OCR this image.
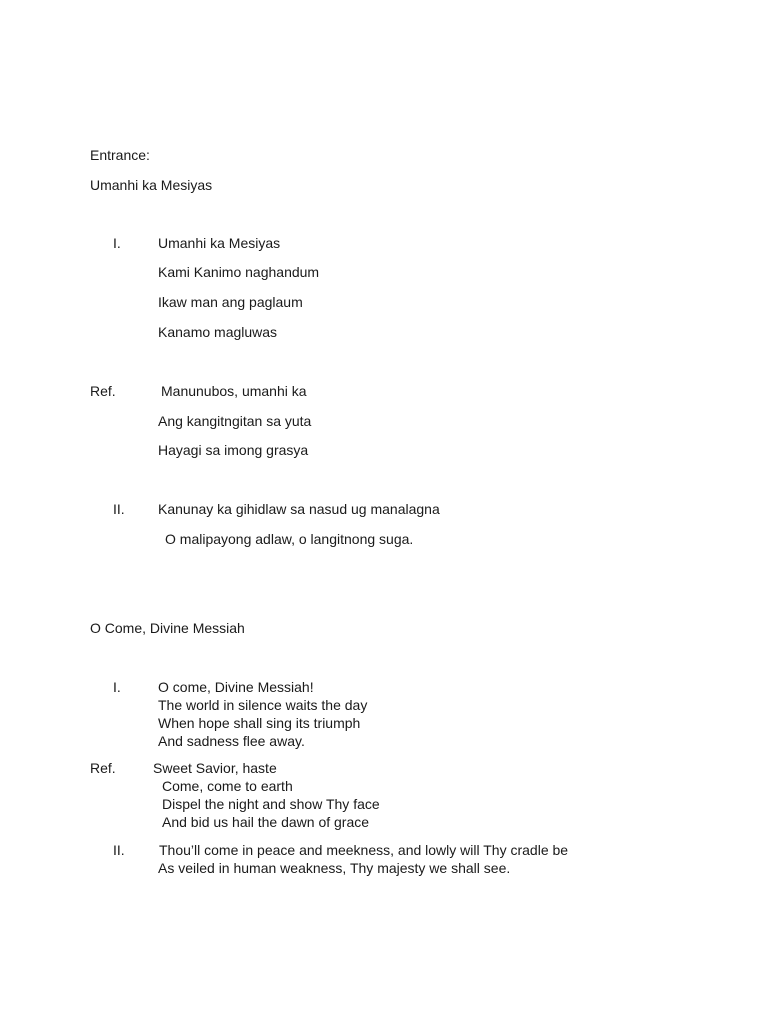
Entrance:
Umanhi ka Mesiyas
I.	Umanhi ka Mesiyas
Kami Kanimo naghandum
Ikaw man ang paglaum
Kanamo magluwas
Ref.	Manunubos, umanhi ka
Ang kangitngitan sa yuta
Hayagi sa imong grasya
II. Kanunay ka gihidlaw sa nasud ug manalagna
O malipayong adlaw, o langitnong suga.
O Come, Divine Messiah
I.	O come, Divine Messiah!
The world in silence waits the day
When hope shall sing its triumph
And sadness flee away.
Ref.	Sweet Savior, haste
Come, come to earth
Dispel the night and show Thy face
And bid us hail the dawn of grace
II. Thou’ll come in peace and meekness, and lowly will Thy cradle be
As veiled in human weakness, Thy majesty we shall see.
